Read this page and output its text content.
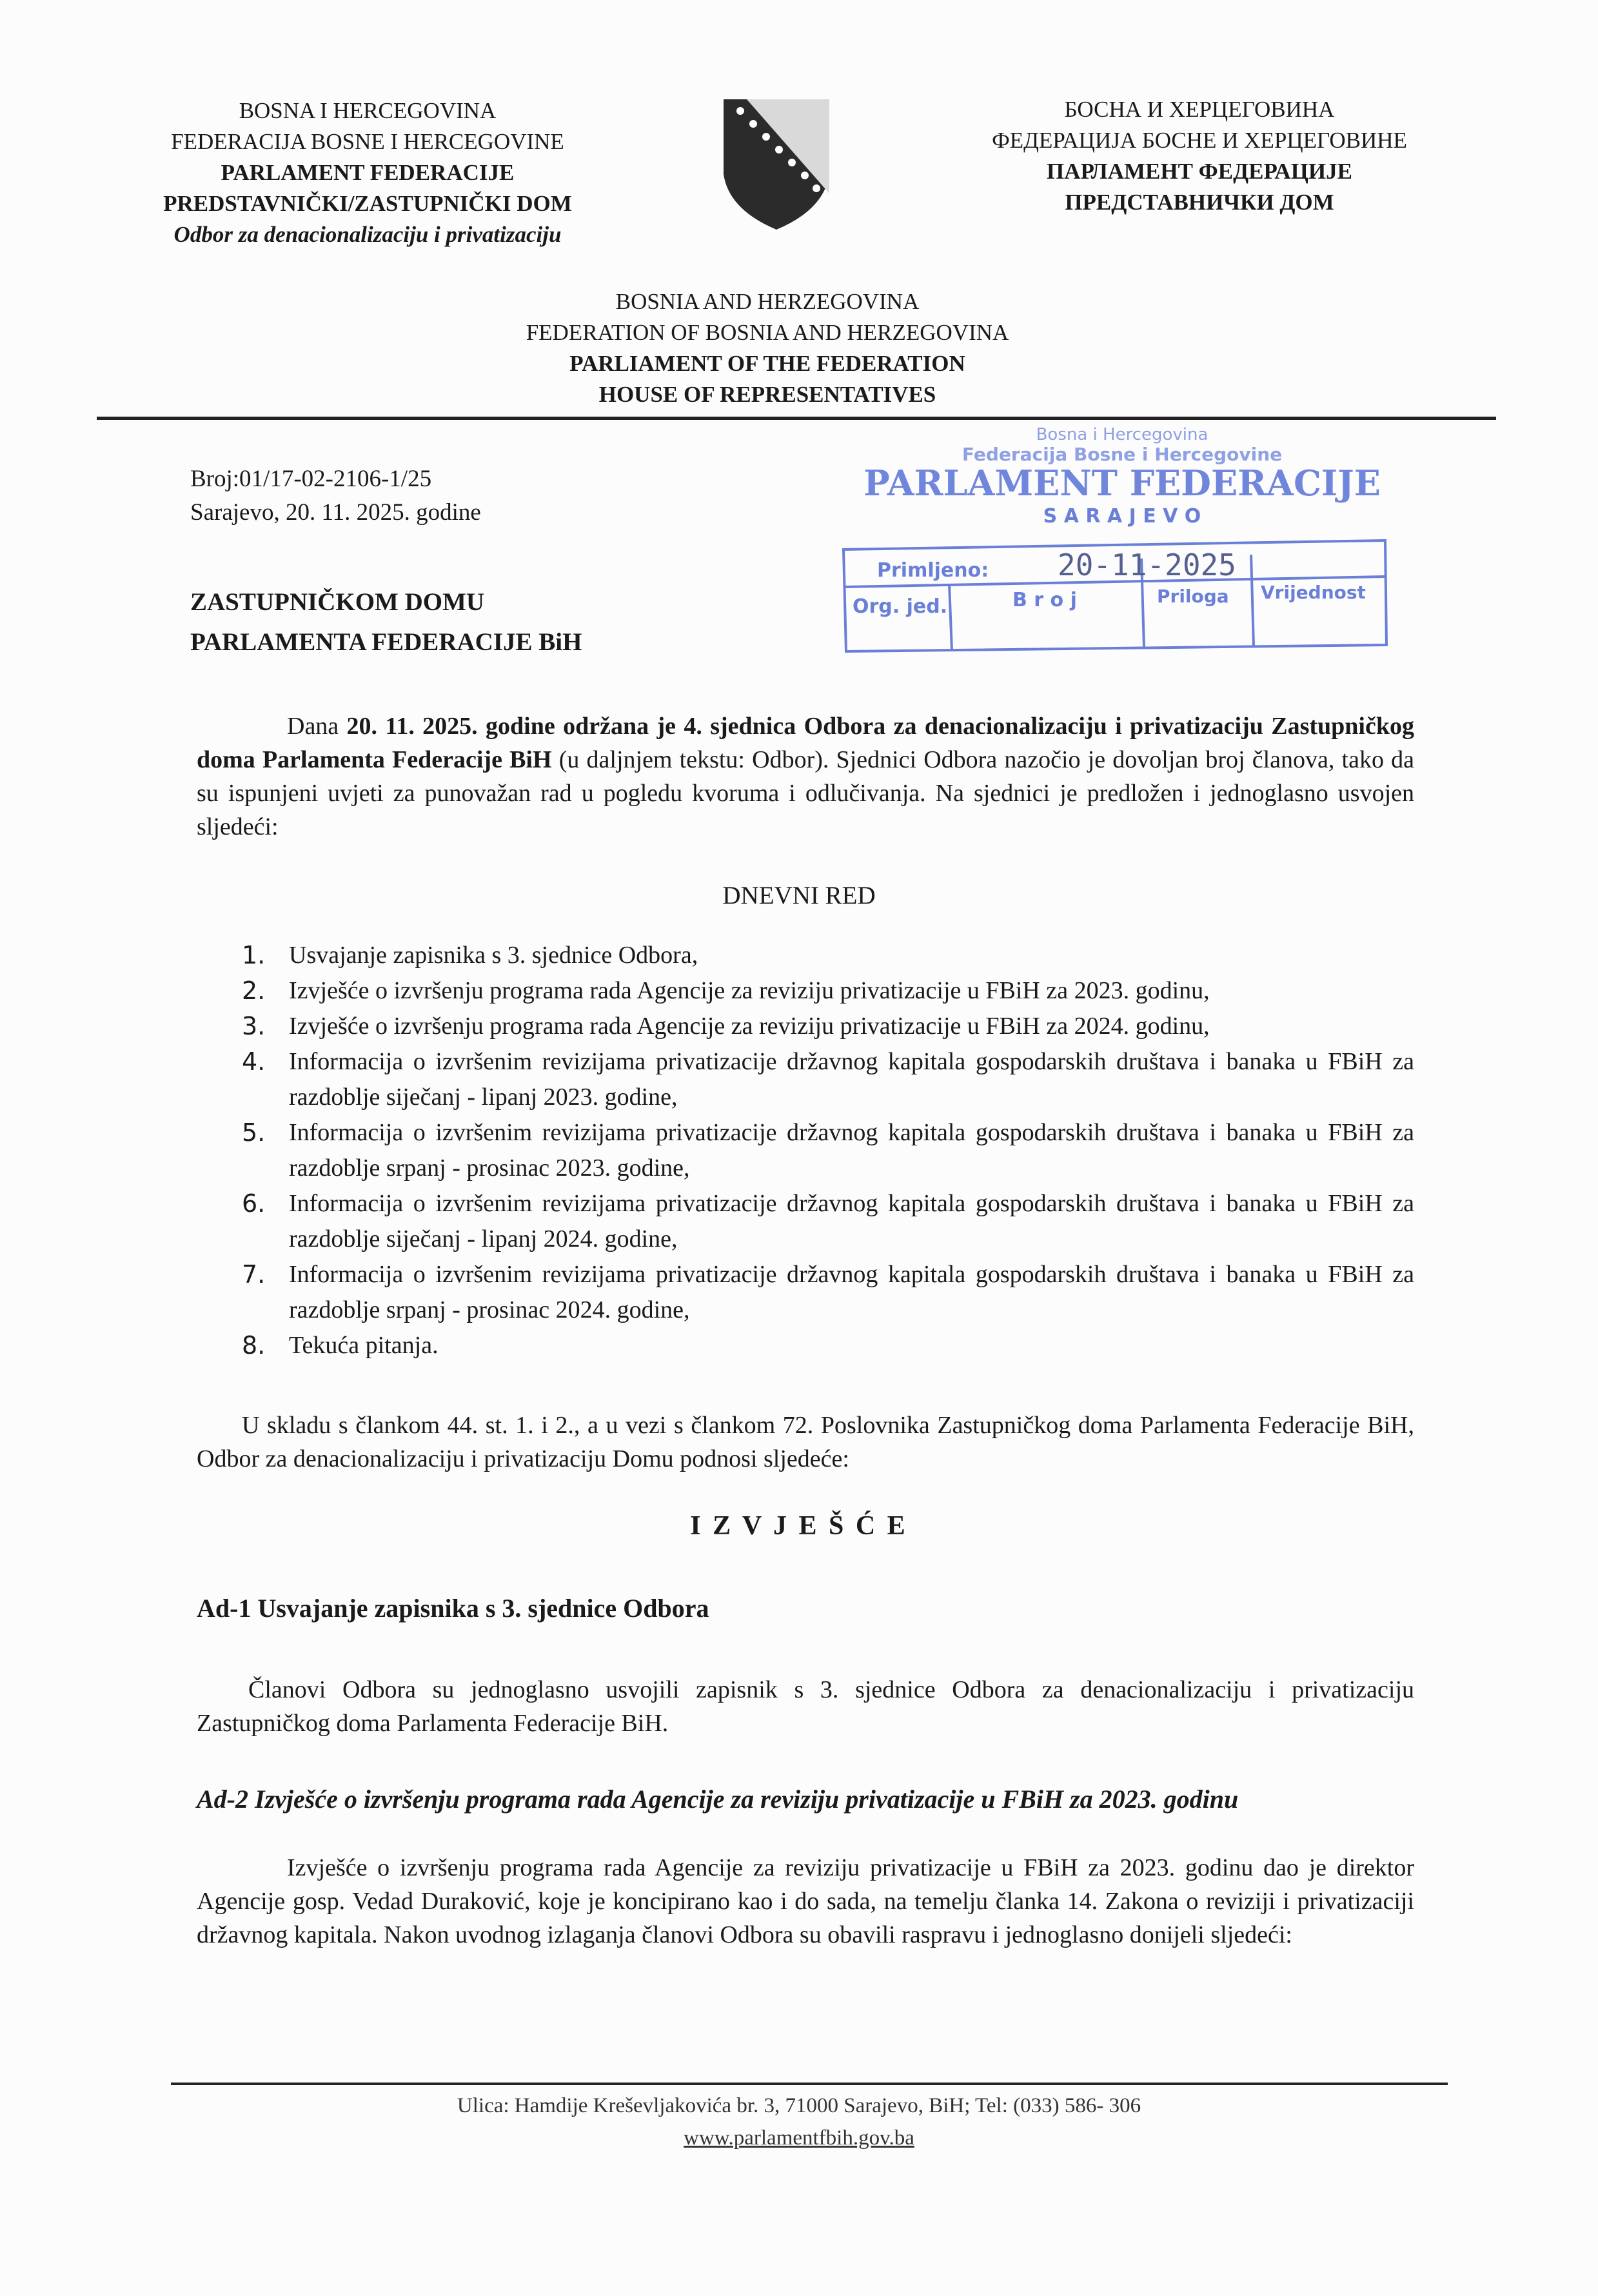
BOSNA I HERCEGOVINA
FEDERACIJA BOSNE I HERCEGOVINE
PARLAMENT FEDERACIJE
PREDSTAVNIČKI/ZASTUPNIČKI DOM
Odbor za denacionalizaciju i privatizaciju
БОСНА И ХЕРЦЕГОВИНА
ФЕДЕРАЦИЈА БОСНЕ И ХЕРЦЕГОВИНЕ
ПАРЛАМЕНТ ФЕДЕРАЦИЈЕ
ПРЕДСТАВНИЧКИ ДОМ
BOSNIA AND HERZEGOVINA
FEDERATION OF BOSNIA AND HERZEGOVINA
PARLIAMENT OF THE FEDERATION
HOUSE OF REPRESENTATIVES
Broj:01/17-02-2106-1/25
Sarajevo, 20. 11. 2025. godine
ZASTUPNIČKOM DOMU
PARLAMENTA FEDERACIJE BiH
Bosna i Hercegovina
Federacija Bosne i Hercegovine
PARLAMENT FEDERACIJE
S A R A J E V O
Primljeno: 20-11-2025
Org. jed.	B r o j	Priloga Vrijednost
Dana 20. 11. 2025. godine održana je 4. sjednica Odbora za denacionalizaciju i privatizaciju Zastupničkog doma Parlamenta Federacije BiH (u daljnjem tekstu: Odbor). Sjednici Odbora nazočio je dovoljan broj članova, tako da su ispunjeni uvjeti za punovažan rad u pogledu kvoruma i odlučivanja. Na sjednici je predložen i jednoglasno usvojen sljedeći:
DNEVNI RED
1. Usvajanje zapisnika s 3. sjednice Odbora,
2. Izvješće o izvršenju programa rada Agencije za reviziju privatizacije u FBiH za 2023. godinu,
3. Izvješće o izvršenju programa rada Agencije za reviziju privatizacije u FBiH za 2024. godinu,
4. Informacija o izvršenim revizijama privatizacije državnog kapitala gospodarskih društava i banaka u FBiH za razdoblje siječanj - lipanj 2023. godine,
5. Informacija o izvršenim revizijama privatizacije državnog kapitala gospodarskih društava i banaka u FBiH za razdoblje srpanj - prosinac 2023. godine,
6. Informacija o izvršenim revizijama privatizacije državnog kapitala gospodarskih društava i banaka u FBiH za razdoblje siječanj - lipanj 2024. godine,
7. Informacija o izvršenim revizijama privatizacije državnog kapitala gospodarskih društava i banaka u FBiH za razdoblje srpanj - prosinac 2024. godine,
8. Tekuća pitanja.
U skladu s člankom 44. st. 1. i 2., a u vezi s člankom 72. Poslovnika Zastupničkog doma Parlamenta Federacije BiH, Odbor za denacionalizaciju i privatizaciju Domu podnosi sljedeće:
I Z V J E Š Ć E
Ad-1 Usvajanje zapisnika s 3. sjednice Odbora
Članovi Odbora su jednoglasno usvojili zapisnik s 3. sjednice Odbora za denacionalizaciju i privatizaciju Zastupničkog doma Parlamenta Federacije BiH.
Ad-2 Izvješće o izvršenju programa rada Agencije za reviziju privatizacije u FBiH za 2023. godinu
Izvješće o izvršenju programa rada Agencije za reviziju privatizacije u FBiH za 2023. godinu dao je direktor Agencije gosp. Vedad Duraković, koje je koncipirano kao i do sada, na temelju članka 14. Zakona o reviziji i privatizaciji državnog kapitala. Nakon uvodnog izlaganja članovi Odbora su obavili raspravu i jednoglasno donijeli sljedeći:
Ulica: Hamdije Kreševljakovića br. 3, 71000 Sarajevo, BiH; Tel: (033) 586- 306
www.parlamentfbih.gov.ba
